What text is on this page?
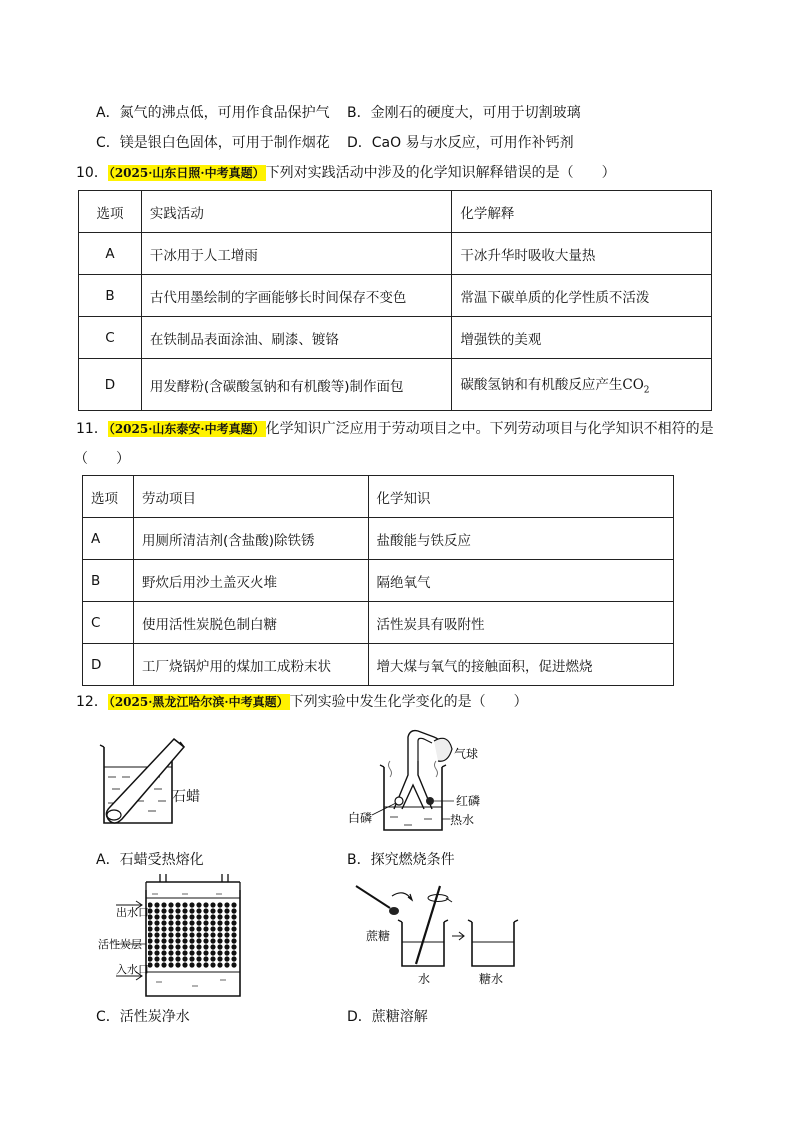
A．氮气的沸点低，可用作食品保护气 B．金刚石的硬度大，可用于切割玻璃
C．镁是银白色固体，可用于制作烟花 D．CaO 易与水反应，可用作补钙剂
10．（2025·山东日照·中考真题）下列对实践活动中涉及的化学知识解释错误的是（　　）
选项	实践活动	化学解释
A	干冰用于人工增雨	干冰升华时吸收大量热
B	古代用墨绘制的字画能够长时间保存不变色	常温下碳单质的化学性质不活泼
C	在铁制品表面涂油、刷漆、镀铬	增强铁的美观
D	用发酵粉(含碳酸氢钠和有机酸等)制作面包	碳酸氢钠和有机酸反应产生$CO_2$
11．（2025·山东泰安·中考真题）化学知识广泛应用于劳动项目之中。下列劳动项目与化学知识不相符的是
（　　）
选项	劳动项目	化学知识
A	用厕所清洁剂(含盐酸)除铁锈	盐酸能与铁反应
B	野炊后用沙土盖灭火堆	隔绝氧气
C	使用活性炭脱色制白糖	活性炭具有吸附性
D	工厂烧锅炉用的煤加工成粉末状	增大煤与氧气的接触面积，促进燃烧
12．（2025·黑龙江哈尔滨·中考真题）下列实验中发生化学变化的是（　　）
石蜡
A．石蜡受热熔化
气球
红磷
热水
白磷
B．探究燃烧条件
出水口
活性炭层
入水口
C．活性炭净水
蔗糖
水	糖水
D．蔗糖溶解
